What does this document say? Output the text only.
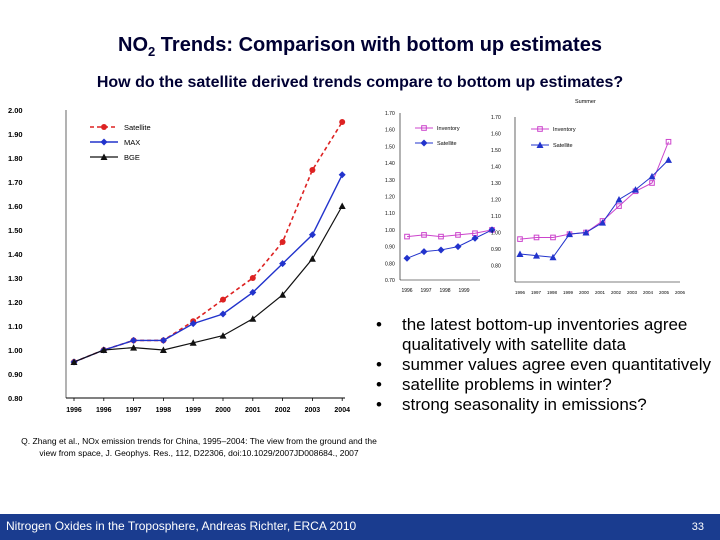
$NO_2$ Trends: Comparison with bottom up estimates
How do the satellite derived trends compare to bottom up estimates?
2.00
1.90
1.80
1.70
1.60
1.50
1.40
1.30
1.20
1.10
1.00
0.90
0.80
1996 1996 1997 1998 1999 2000 2001 2002 2003 2004
Satellite
MAX
BGE
1.70
1.60
1.50
1.40
1.30
1.20
1.10
1.00
0.90
0.80
0.70
1996 1997 1998 1999
Inventory
Satellite
Summer
1.70
1.60
1.50
1.40
1.30
1.20
1.10
1.00
0.90
0.80
1996 1997 1998 1999 2000 2001 2002 2003 2004 2005 2006
Inventory
Satellite
Q. Zhang et al., NOx emission trends for China, 1995–2004: The view from the ground and the view from space, J. Geophys. Res., 112, D22306, doi:10.1029/2007JD008684., 2007
• the latest bottom-up inventories agree qualitatively with satellite data
• summer values agree even quantitatively
• satellite problems in winter?
• strong seasonality in emissions?
Nitrogen Oxides in the Troposphere, Andreas Richter, ERCA 2010	33
